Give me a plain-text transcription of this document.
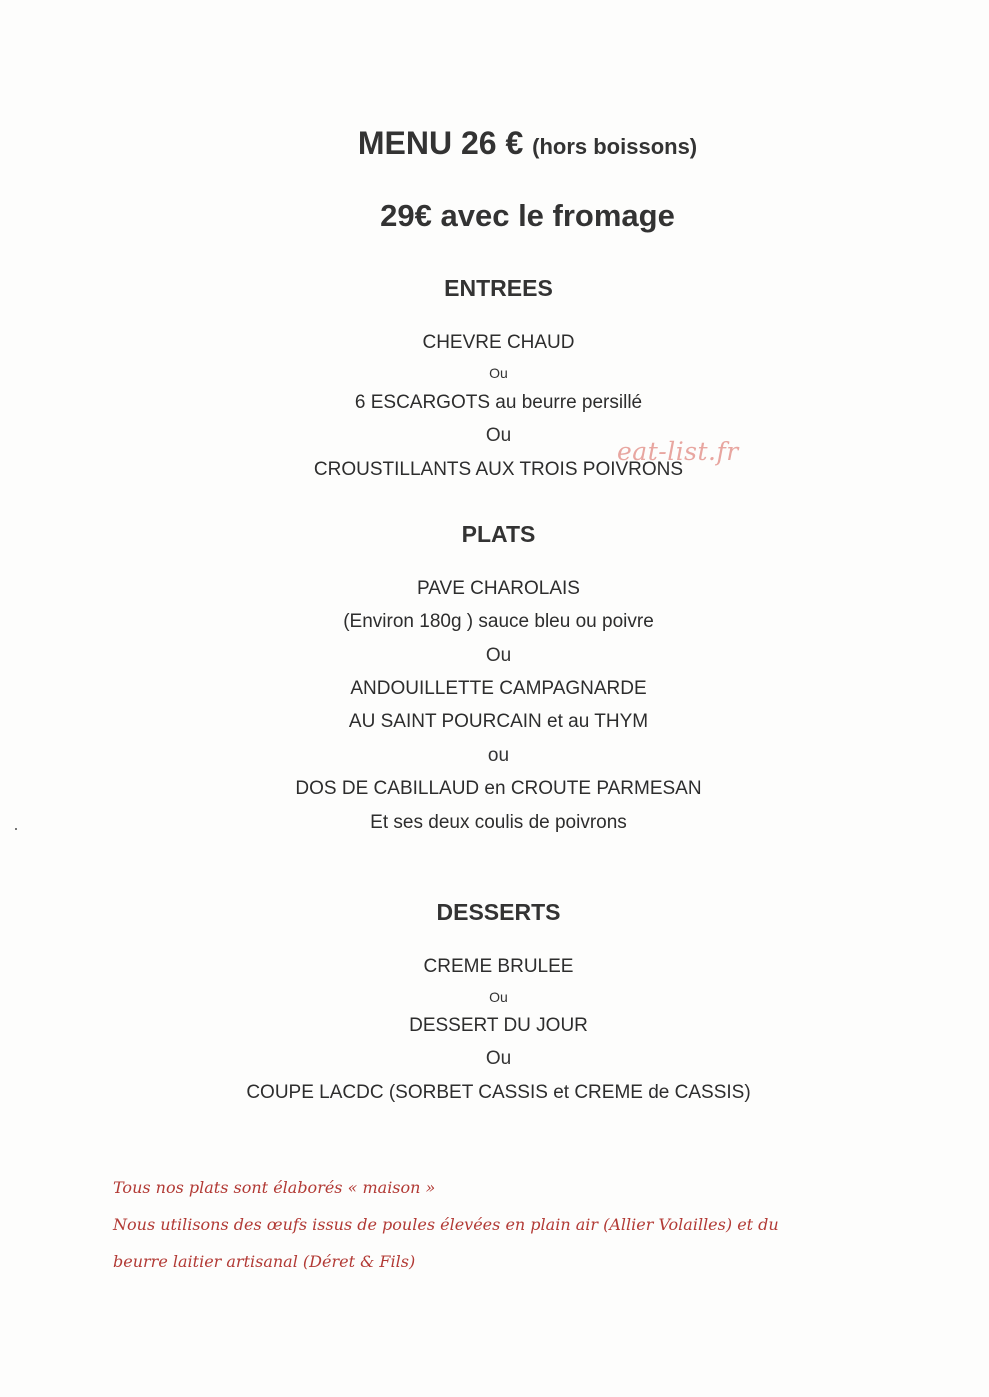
MENU 26 € (hors boissons)
29€ avec le fromage
ENTREES
CHEVRE CHAUD
Ou
6 ESCARGOTS au beurre persillé
Ou
CROUSTILLANTS AUX TROIS POIVRONS
eat-list.fr
PLATS
PAVE CHAROLAIS
(Environ 180g ) sauce bleu ou poivre
Ou
ANDOUILLETTE CAMPAGNARDE
AU SAINT POURCAIN et au THYM
ou
DOS DE CABILLAUD en CROUTE PARMESAN
Et ses deux coulis de poivrons
DESSERTS
CREME BRULEE
Ou
DESSERT DU JOUR
Ou
COUPE LACDC (SORBET CASSIS et CREME de CASSIS)
Tous nos plats sont élaborés « maison »
Nous utilisons des œufs issus de poules élevées en plain air (Allier Volailles) et du
beurre laitier artisanal (Déret & Fils)
